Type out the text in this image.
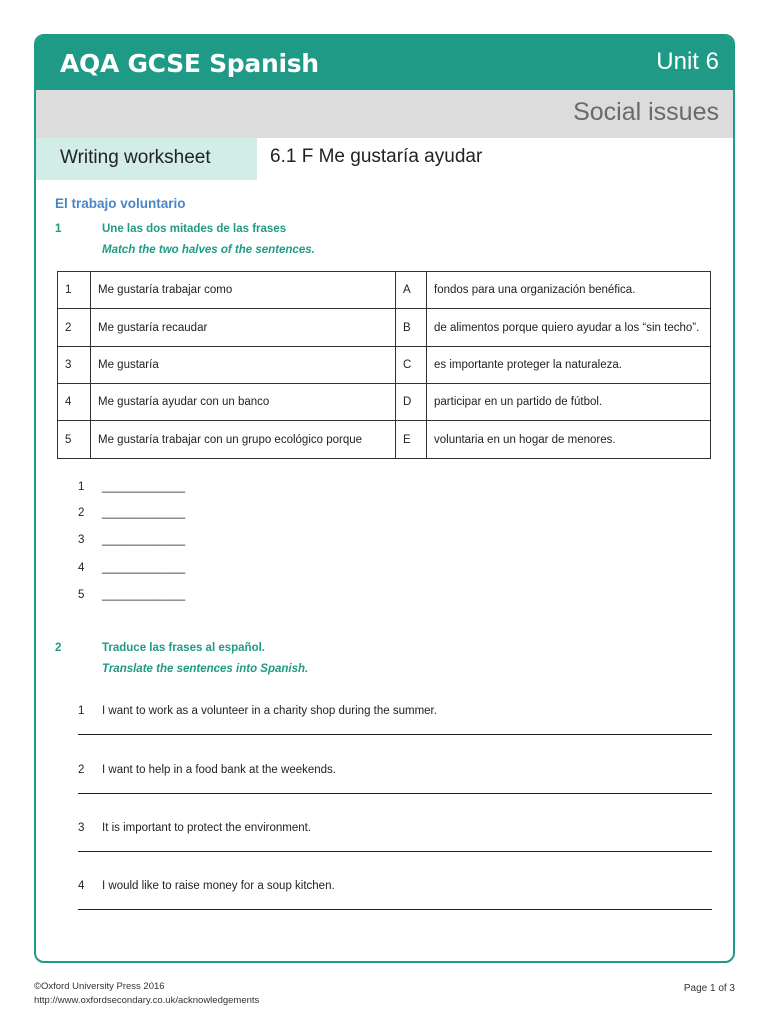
AQA GCSE Spanish	Unit 6
Social issues
Writing worksheet	6.1 F Me gustaría ayudar
El trabajo voluntario
1	Une las dos mitades de las frases
Match the two halves of the sentences.
1	Me gustaría trabajar como	A	fondos para una organización benéfica.
2	Me gustaría recaudar	B	de alimentos porque quiero ayudar a los “sin techo”.
3	Me gustaría	C	es importante proteger la naturaleza.
4	Me gustaría ayudar con un banco	D	participar en un partido de fútbol.
5	Me gustaría trabajar con un grupo ecológico porque	E	voluntaria en un hogar de menores.
1 _____________
2 _____________
3 _____________
4 _____________
5 _____________
2	Traduce las frases al español.
Translate the sentences into Spanish.
1 I want to work as a volunteer in a charity shop during the summer.
2 I want to help in a food bank at the weekends.
3 It is important to protect the environment.
4 I would like to raise money for a soup kitchen.
©Oxford University Press 2016
http://www.oxfordsecondary.co.uk/acknowledgements
Page 1 of 3
